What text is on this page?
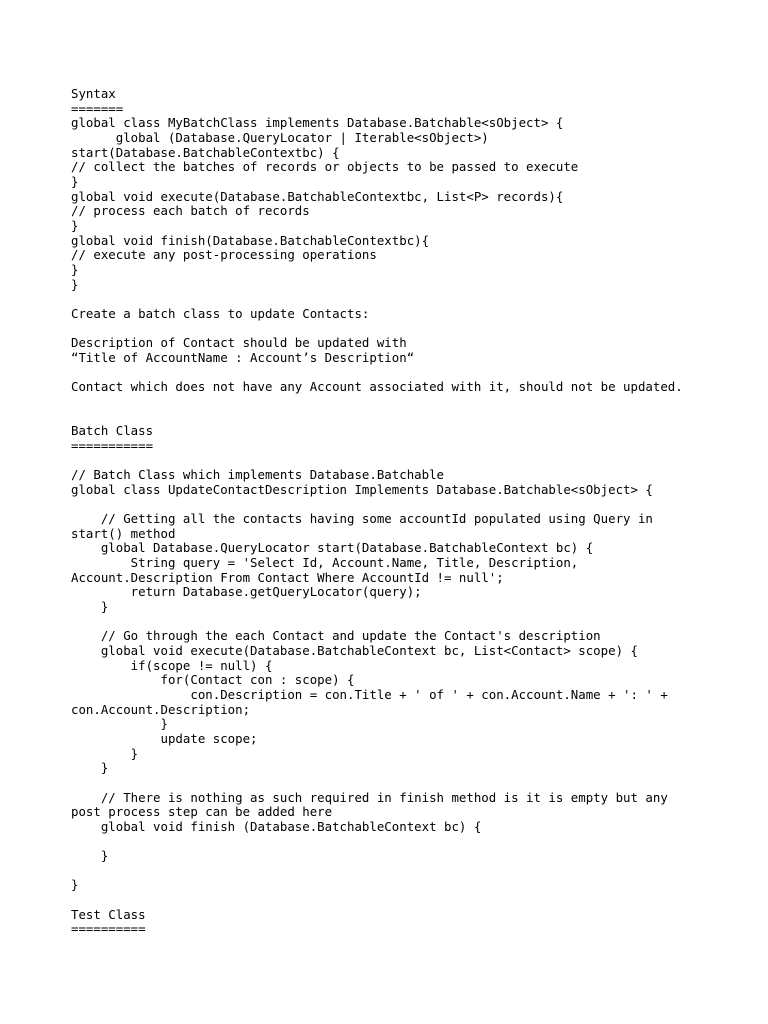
Syntax
=======
global class MyBatchClass implements Database.Batchable<sObject> {
global (Database.QueryLocator | Iterable<sObject>)
start(Database.BatchableContextbc) {
// collect the batches of records or objects to be passed to execute
}
global void execute(Database.BatchableContextbc, List<P> records){
// process each batch of records
}
global void finish(Database.BatchableContextbc){
// execute any post-processing operations
}
}
Create a batch class to update Contacts:
Description of Contact should be updated with
“Title of AccountName : Account’s Description“
Contact which does not have any Account associated with it, should not be updated.
Batch Class
===========
// Batch Class which implements Database.Batchable
global class UpdateContactDescription Implements Database.Batchable<sObject> {
// Getting all the contacts having some accountId populated using Query in
start() method
global Database.QueryLocator start(Database.BatchableContext bc) {
String query = 'Select Id, Account.Name, Title, Description,
Account.Description From Contact Where AccountId != null';
return Database.getQueryLocator(query);
}
// Go through the each Contact and update the Contact's description
global void execute(Database.BatchableContext bc, List<Contact> scope) {
if(scope != null) {
for(Contact con : scope) {
con.Description = con.Title + ' of ' + con.Account.Name + ': ' +
con.Account.Description;
}
update scope;
}
}
// There is nothing as such required in finish method is it is empty but any
post process step can be added here
global void finish (Database.BatchableContext bc) {
}
}
Test Class
==========
